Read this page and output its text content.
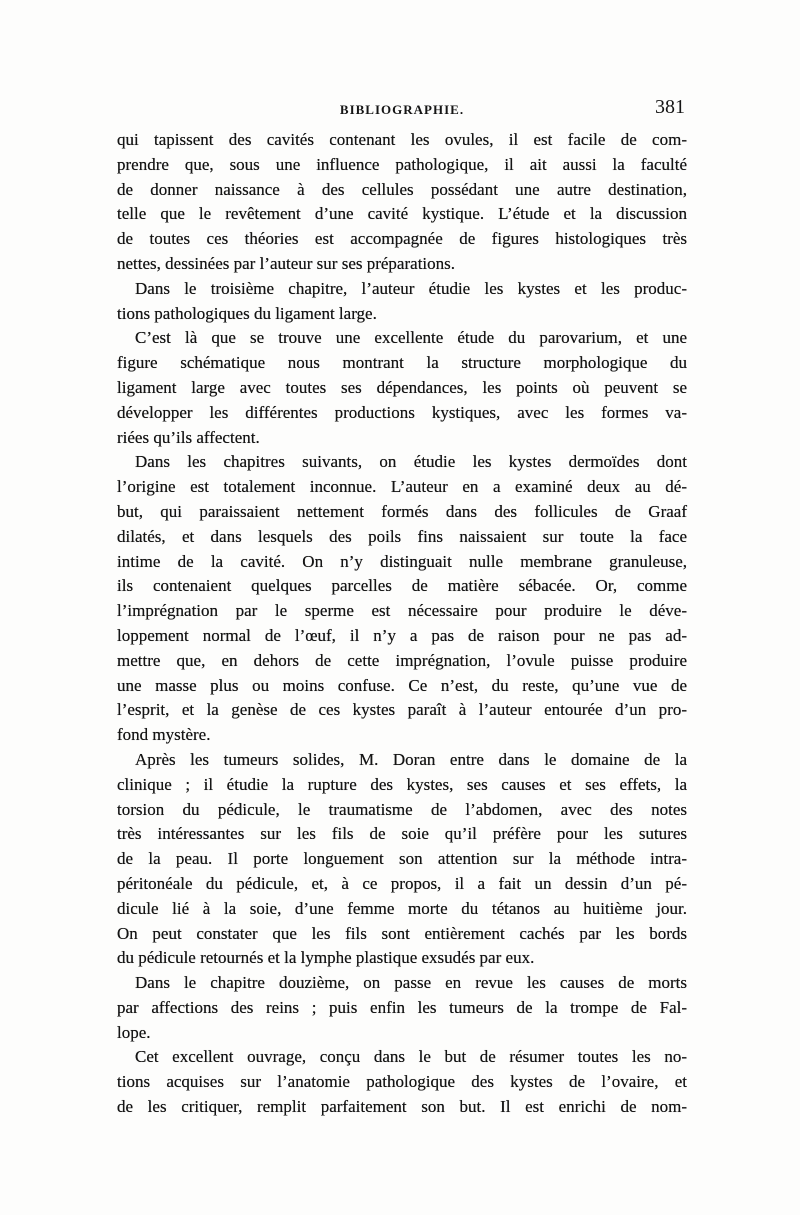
BIBLIOGRAPHIE.	381
qui tapissent des cavités contenant les ovules, il est facile de com-
prendre que, sous une influence pathologique, il ait aussi la faculté
de donner naissance à des cellules possédant une autre destination,
telle que le revêtement d’une cavité kystique. L’étude et la discussion
de toutes ces théories est accompagnée de figures histologiques très
nettes, dessinées par l’auteur sur ses préparations.
Dans le troisième chapitre, l’auteur étudie les kystes et les produc-
tions pathologiques du ligament large.
C’est là que se trouve une excellente étude du parovarium, et une
figure schématique nous montrant la structure morphologique du
ligament large avec toutes ses dépendances, les points où peuvent se
développer les différentes productions kystiques, avec les formes va-
riées qu’ils affectent.
Dans les chapitres suivants, on étudie les kystes dermoïdes dont
l’origine est totalement inconnue. L’auteur en a examiné deux au dé-
but, qui paraissaient nettement formés dans des follicules de Graaf
dilatés, et dans lesquels des poils fins naissaient sur toute la face
intime de la cavité. On n’y distinguait nulle membrane granuleuse,
ils contenaient quelques parcelles de matière sébacée. Or, comme
l’imprégnation par le sperme est nécessaire pour produire le déve-
loppement normal de l’œuf, il n’y a pas de raison pour ne pas ad-
mettre que, en dehors de cette imprégnation, l’ovule puisse produire
une masse plus ou moins confuse. Ce n’est, du reste, qu’une vue de
l’esprit, et la genèse de ces kystes paraît à l’auteur entourée d’un pro-
fond mystère.
Après les tumeurs solides, M. Doran entre dans le domaine de la
clinique ; il étudie la rupture des kystes, ses causes et ses effets, la
torsion du pédicule, le traumatisme de l’abdomen, avec des notes
très intéressantes sur les fils de soie qu’il préfère pour les sutures
de la peau. Il porte longuement son attention sur la méthode intra-
péritonéale du pédicule, et, à ce propos, il a fait un dessin d’un pé-
dicule lié à la soie, d’une femme morte du tétanos au huitième jour.
On peut constater que les fils sont entièrement cachés par les bords
du pédicule retournés et la lymphe plastique exsudés par eux.
Dans le chapitre douzième, on passe en revue les causes de morts
par affections des reins ; puis enfin les tumeurs de la trompe de Fal-
lope.
Cet excellent ouvrage, conçu dans le but de résumer toutes les no-
tions acquises sur l’anatomie pathologique des kystes de l’ovaire, et
de les critiquer, remplit parfaitement son but. Il est enrichi de nom-
